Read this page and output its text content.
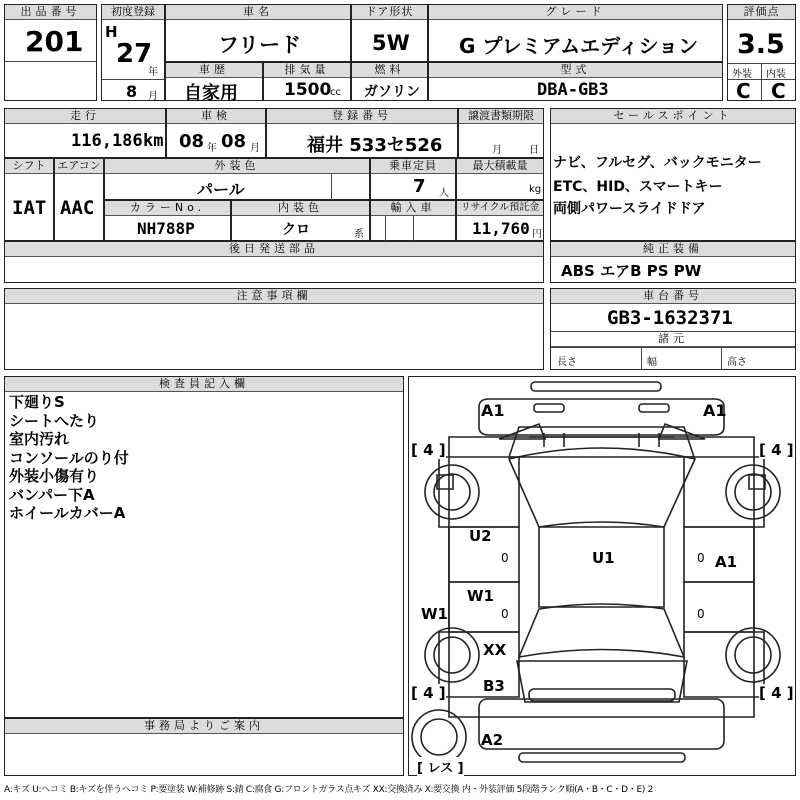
出品番号
201
初度登録
H
27
年
8 月
車名
フリード
ドア形状
5W
グレード
G プレミアムエディション
評価点
3.5
外装 内装
C C
車歴
自家用
排気量
1500
cc
燃料
ガソリン
型式
DBA-GB3
走行
116,186 km
車検
08 年 08 月
登録番号
福井 533セ526
譲渡書類期限
月	日
セールスポイント
ナビ、フルセグ、バックモニター
ETC、HID、スマートキー
両側パワースライドドア
シフト
IAT
エアコン
AAC
外装色
パール
乗車定員
7 人
最大積載量
kg
カラーNo.
NH788P
内装色
クロ	系
輸入車	リサイクル預託金
11,760 円
後日発送部品	純正装備
ABS エアB PS PW
注意事項欄	車台番号
GB3-1632371
諸元
長さ	幅	高さ
検査員記入欄
下廻りS
シートへたり
室内汚れ
コンソールのり付
外装小傷有り
バンパー下A
ホイールカバーA
事務局よりご案内
A1	A1
[ 4 ]	[ 4 ]
U2
U1	A1
0	0
W1
0	0
W1
XX
B3
[ 4 ]	[ 4 ]
A2
[ レス ]
A:キズ U:ヘコミ B:キズを伴うヘコミ P:要塗装 W:補修跡 S:錆 C:腐食 G:フロントガラス点キズ XX:交換済み X:要交換 内・外装評価 5段階ランク順(A・B・C・D・E) 2
